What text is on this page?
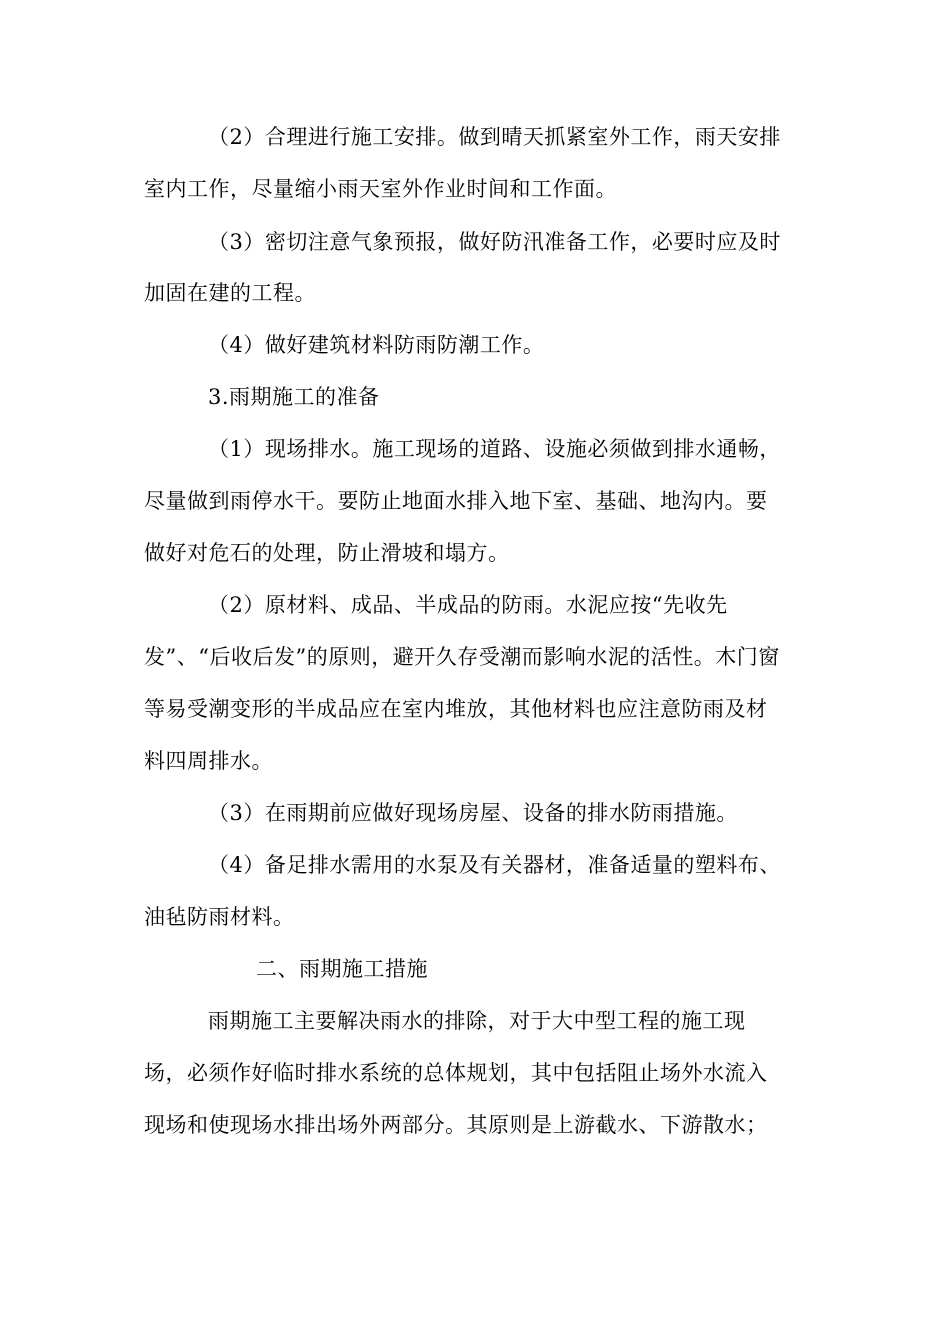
（2）合理进行施工安排。做到晴天抓紧室外工作，雨天安排
室内工作，尽量缩小雨天室外作业时间和工作面。
（3）密切注意气象预报，做好防汛准备工作，必要时应及时
加固在建的工程。
（4）做好建筑材料防雨防潮工作。
3.雨期施工的准备
（1）现场排水。施工现场的道路、设施必须做到排水通畅，
尽量做到雨停水干。要防止地面水排入地下室、基础、地沟内。要
做好对危石的处理，防止滑坡和塌方。
（2）原材料、成品、半成品的防雨。水泥应按“先收先
发”、“后收后发”的原则，避开久存受潮而影响水泥的活性。木门窗
等易受潮变形的半成品应在室内堆放，其他材料也应注意防雨及材
料四周排水。
（3）在雨期前应做好现场房屋、设备的排水防雨措施。
（4）备足排水需用的水泵及有关器材，准备适量的塑料布、
油毡防雨材料。
二、雨期施工措施
雨期施工主要解决雨水的排除，对于大中型工程的施工现
场，必须作好临时排水系统的总体规划，其中包括阻止场外水流入
现场和使现场水排出场外两部分。其原则是上游截水、下游散水；
